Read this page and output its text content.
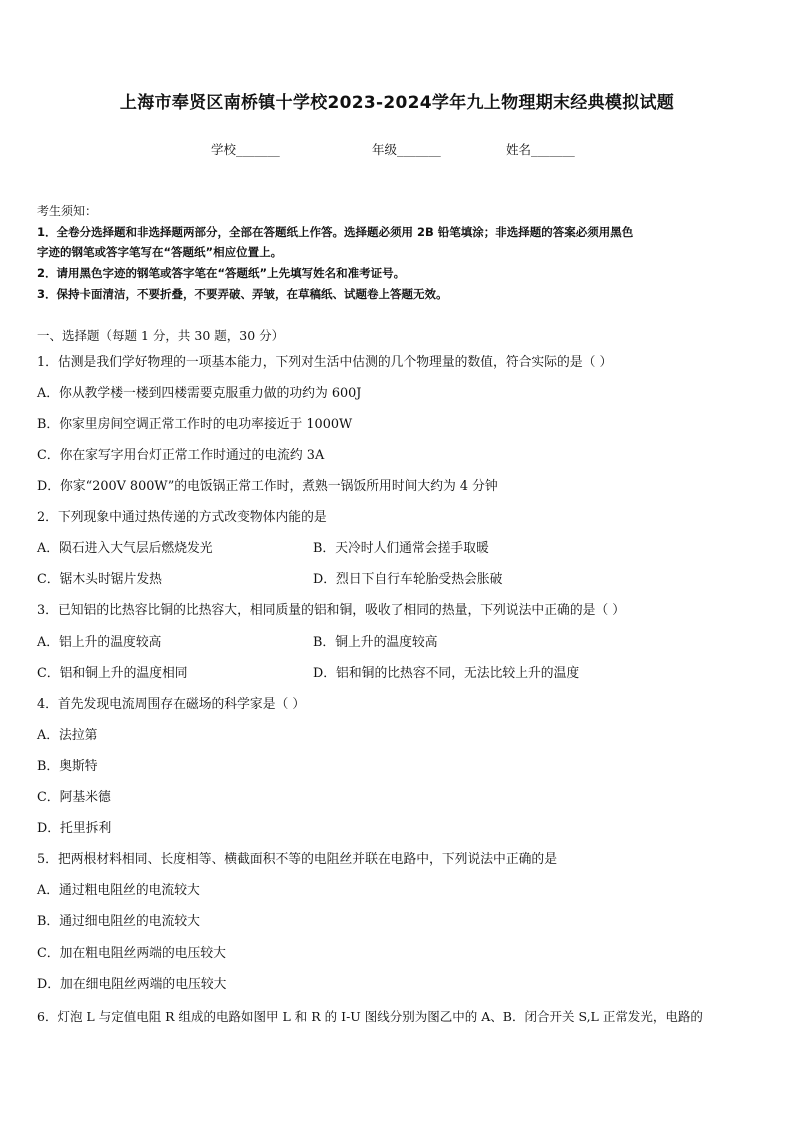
上海市奉贤区南桥镇十学校2023-2024学年九上物理期末经典模拟试题
学校_______	年级_______	姓名_______
考生须知：
1．全卷分选择题和非选择题两部分，全部在答题纸上作答。选择题必须用 2B 铅笔填涂；非选择题的答案必须用黑色
字迹的钢笔或答字笔写在“答题纸”相应位置上。
2．请用黑色字迹的钢笔或答字笔在“答题纸”上先填写姓名和准考证号。
3．保持卡面清洁，不要折叠，不要弄破、弄皱，在草稿纸、试题卷上答题无效。
一、选择题（每题 1 分，共 30 题，30 分）
1．估测是我们学好物理的一项基本能力，下列对生活中估测的几个物理量的数值，符合实际的是（ ）
A．你从教学楼一楼到四楼需要克服重力做的功约为 600J
B．你家里房间空调正常工作时的电功率接近于 1000W
C．你在家写字用台灯正常工作时通过的电流约 3A
D．你家“200V 800W”的电饭锅正常工作时，煮熟一锅饭所用时间大约为 4 分钟
2．下列现象中通过热传递的方式改变物体内能的是
A．陨石进入大气层后燃烧发光	B．天冷时人们通常会搓手取暖
C．锯木头时锯片发热	D．烈日下自行车轮胎受热会胀破
3．已知铝的比热容比铜的比热容大，相同质量的铝和铜，吸收了相同的热量，下列说法中正确的是（ ）
A．铝上升的温度较高	B．铜上升的温度较高
C．铝和铜上升的温度相同	D．铝和铜的比热容不同，无法比较上升的温度
4．首先发现电流周围存在磁场的科学家是（ ）
A．法拉第
B．奥斯特
C．阿基米德
D．托里拆利
5．把两根材料相同、长度相等、横截面积不等的电阻丝并联在电路中，下列说法中正确的是
A．通过粗电阻丝的电流较大
B．通过细电阻丝的电流较大
C．加在粗电阻丝两端的电压较大
D．加在细电阻丝两端的电压较大
6．灯泡 L 与定值电阻 R 组成的电路如图甲 L 和 R 的 I-U 图线分别为图乙中的 A、B．闭合开关 S,L 正常发光，电路的
